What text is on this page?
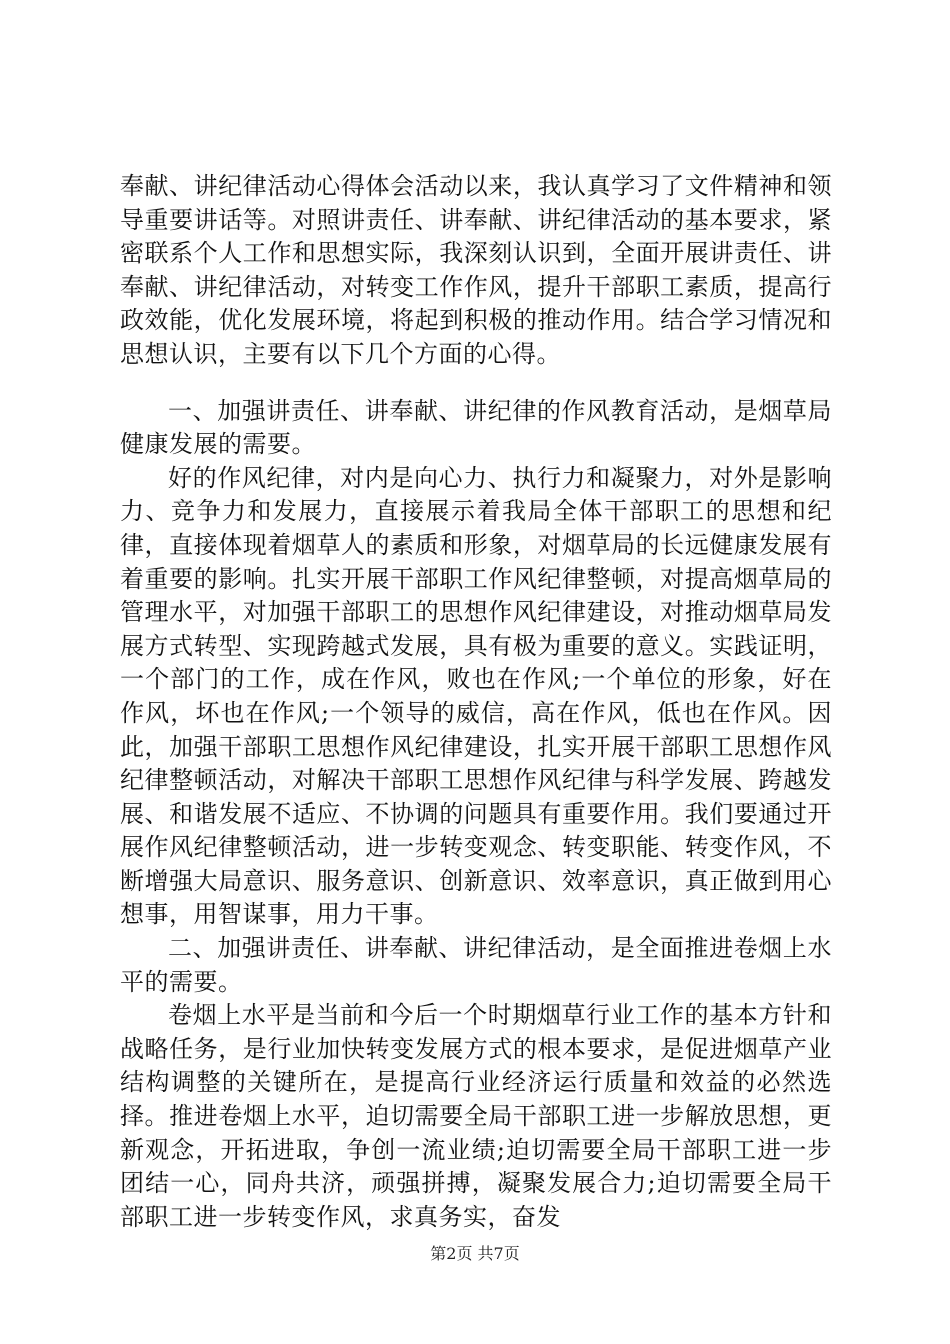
奉献、讲纪律活动心得体会活动以来，我认真学习了文件精神和领导重要讲话等。对照讲责任、讲奉献、讲纪律活动的基本要求，紧密联系个人工作和思想实际，我深刻认识到，全面开展讲责任、讲奉献、讲纪律活动，对转变工作作风，提升干部职工素质，提高行政效能，优化发展环境，将起到积极的推动作用。结合学习情况和思想认识，主要有以下几个方面的心得。

一、加强讲责任、讲奉献、讲纪律的作风教育活动，是烟草局健康发展的需要。

好的作风纪律，对内是向心力、执行力和凝聚力，对外是影响力、竞争力和发展力，直接展示着我局全体干部职工的思想和纪律，直接体现着烟草人的素质和形象，对烟草局的长远健康发展有着重要的影响。扎实开展干部职工作风纪律整顿，对提高烟草局的管理水平，对加强干部职工的思想作风纪律建设，对推动烟草局发展方式转型、实现跨越式发展，具有极为重要的意义。实践证明，一个部门的工作，成在作风，败也在作风;一个单位的形象，好在作风，坏也在作风;一个领导的威信，高在作风，低也在作风。因此，加强干部职工思想作风纪律建设，扎实开展干部职工思想作风纪律整顿活动，对解决干部职工思想作风纪律与科学发展、跨越发展、和谐发展不适应、不协调的问题具有重要作用。我们要通过开展作风纪律整顿活动，进一步转变观念、转变职能、转变作风，不断增强大局意识、服务意识、创新意识、效率意识，真正做到用心想事，用智谋事，用力干事。

二、加强讲责任、讲奉献、讲纪律活动，是全面推进卷烟上水平的需要。

卷烟上水平是当前和今后一个时期烟草行业工作的基本方针和战略任务，是行业加快转变发展方式的根本要求，是促进烟草产业结构调整的关键所在，是提高行业经济运行质量和效益的必然选择。推进卷烟上水平，迫切需要全局干部职工进一步解放思想，更新观念，开拓进取，争创一流业绩;迫切需要全局干部职工进一步团结一心，同舟共济，顽强拼搏，凝聚发展合力;迫切需要全局干部职工进一步转变作风，求真务实，奋发

第2页 共7页
